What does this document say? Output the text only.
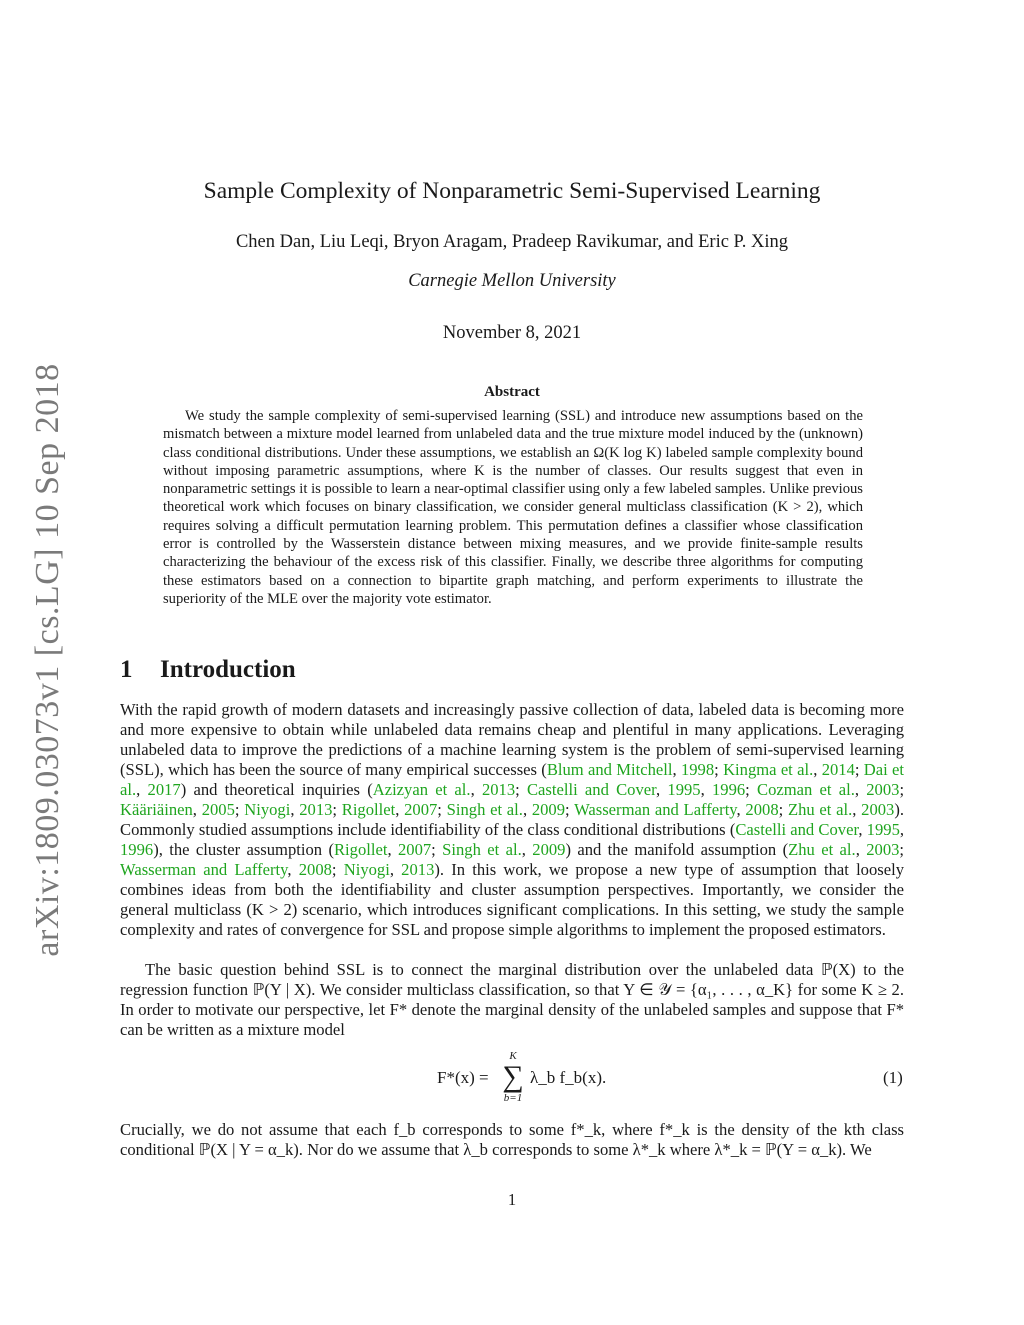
arXiv:1809.03073v1 [cs.LG] 10 Sep 2018
Sample Complexity of Nonparametric Semi-Supervised Learning
Chen Dan, Liu Leqi, Bryon Aragam, Pradeep Ravikumar, and Eric P. Xing
Carnegie Mellon University
November 8, 2021
Abstract
We study the sample complexity of semi-supervised learning (SSL) and introduce new assumptions based on the mismatch between a mixture model learned from unlabeled data and the true mixture model induced by the (unknown) class conditional distributions. Under these assumptions, we establish an Ω(K log K) labeled sample complexity bound without imposing parametric assumptions, where K is the number of classes. Our results suggest that even in nonparametric settings it is possible to learn a near-optimal classifier using only a few labeled samples. Unlike previous theoretical work which focuses on binary classification, we consider general multiclass classification (K > 2), which requires solving a difficult permutation learning problem. This permutation defines a classifier whose classification error is controlled by the Wasserstein distance between mixing measures, and we provide finite-sample results characterizing the behaviour of the excess risk of this classifier. Finally, we describe three algorithms for computing these estimators based on a connection to bipartite graph matching, and perform experiments to illustrate the superiority of the MLE over the majority vote estimator.
1 Introduction
With the rapid growth of modern datasets and increasingly passive collection of data, labeled data is becoming more and more expensive to obtain while unlabeled data remains cheap and plentiful in many applications. Leveraging unlabeled data to improve the predictions of a machine learning system is the problem of semi-supervised learning (SSL), which has been the source of many empirical successes (Blum and Mitchell, 1998; Kingma et al., 2014; Dai et al., 2017) and theoretical inquiries (Azizyan et al., 2013; Castelli and Cover, 1995, 1996; Cozman et al., 2003; Kääriäinen, 2005; Niyogi, 2013; Rigollet, 2007; Singh et al., 2009; Wasserman and Lafferty, 2008; Zhu et al., 2003). Commonly studied assumptions include identifiability of the class conditional distributions (Castelli and Cover, 1995, 1996), the cluster assumption (Rigollet, 2007; Singh et al., 2009) and the manifold assumption (Zhu et al., 2003; Wasserman and Lafferty, 2008; Niyogi, 2013). In this work, we propose a new type of assumption that loosely combines ideas from both the identifiability and cluster assumption perspectives. Importantly, we consider the general multiclass (K > 2) scenario, which introduces significant complications. In this setting, we study the sample complexity and rates of convergence for SSL and propose simple algorithms to implement the proposed estimators.
The basic question behind SSL is to connect the marginal distribution over the unlabeled data ℙ(X) to the regression function ℙ(Y | X). We consider multiclass classification, so that Y ∈ 𝒴 = {α₁, . . . , α_K} for some K ≥ 2. In order to motivate our perspective, let F* denote the marginal density of the unlabeled samples and suppose that F* can be written as a mixture model
F*(x) =
K
∑
b=1
λ_b f_b(x).	(1)
Crucially, we do not assume that each f_b corresponds to some f*_k, where f*_k is the density of the kth class conditional ℙ(X | Y = α_k). Nor do we assume that λ_b corresponds to some λ*_k where λ*_k = ℙ(Y = α_k). We
1
